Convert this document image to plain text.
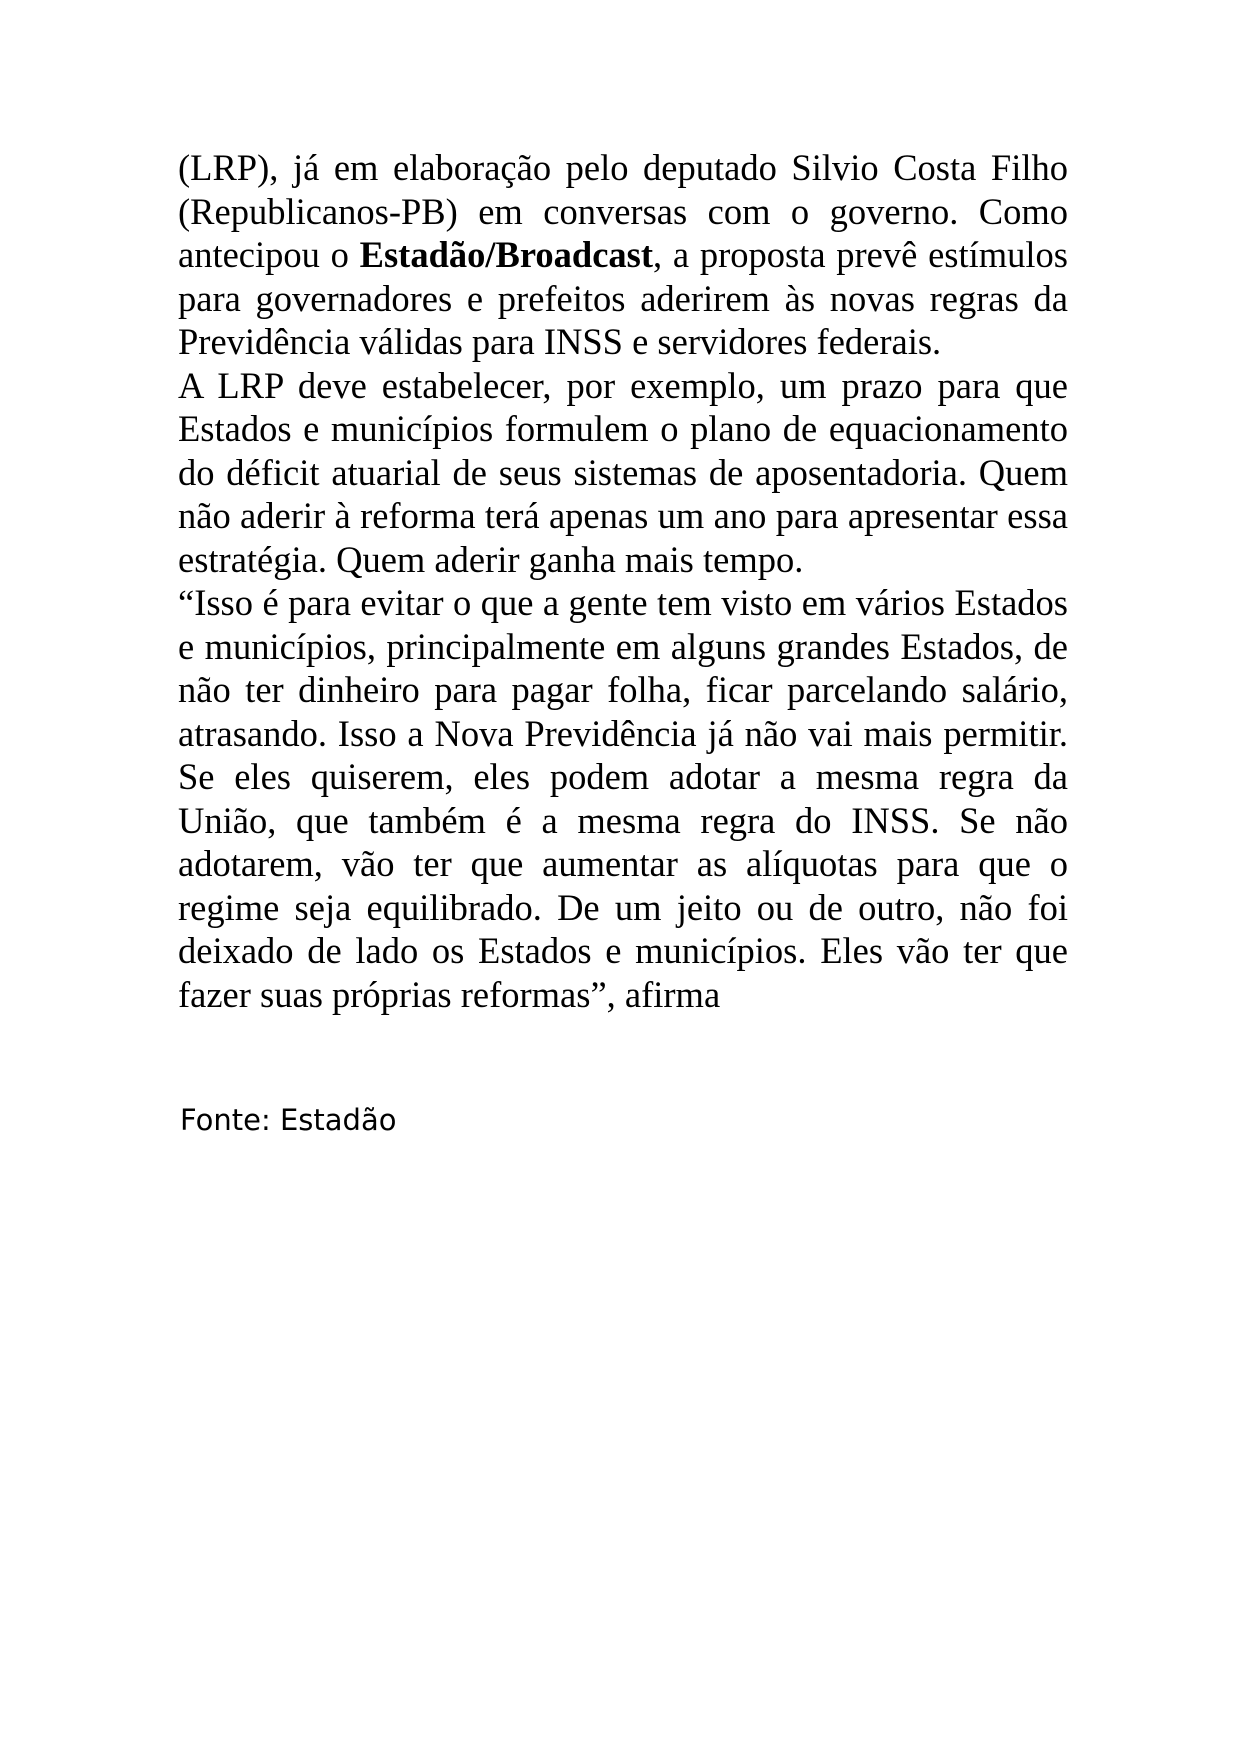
(LRP), já em elaboração pelo deputado Silvio Costa Filho (Republicanos-PB) em conversas com o governo. Como antecipou o Estadão/Broadcast, a proposta prevê estímulos para governadores e prefeitos aderirem às novas regras da Previdência válidas para INSS e servidores federais.

A LRP deve estabelecer, por exemplo, um prazo para que Estados e municípios formulem o plano de equacionamento do déficit atuarial de seus sistemas de aposentadoria. Quem não aderir à reforma terá apenas um ano para apresentar essa estratégia. Quem aderir ganha mais tempo.

“Isso é para evitar o que a gente tem visto em vários Estados e municípios, principalmente em alguns grandes Estados, de não ter dinheiro para pagar folha, ficar parcelando salário, atrasando. Isso a Nova Previdência já não vai mais permitir. Se eles quiserem, eles podem adotar a mesma regra da União, que também é a mesma regra do INSS. Se não adotarem, vão ter que aumentar as alíquotas para que o regime seja equilibrado. De um jeito ou de outro, não foi deixado de lado os Estados e municípios. Eles vão ter que fazer suas próprias reformas”, afirma

Fonte: Estadão
